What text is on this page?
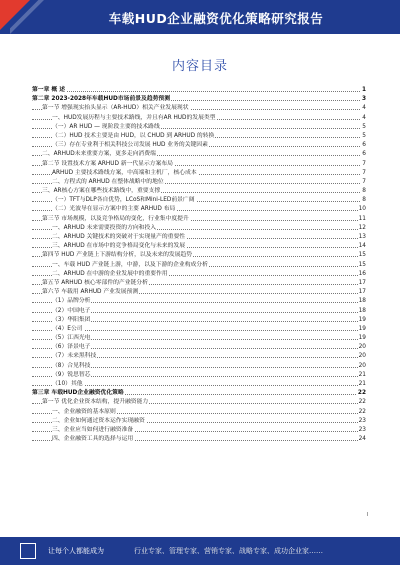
车载HUD企业融资优化策略研究报告
内容目录
第一章 概 述	1
第二章 2023-2028年车载HUD市场前景及趋势预测	3
第一节 增强现实抬头显示（AR-HUD）相关产业发展现状	4
一、HUD发展历程与主要技术路线，并且有AR HUD的发展类型	4
（一）AR HUD — 现阶段主要的技术路线	5
（二）HUD 技术主要是由 HUD，以 CHUD 到 ARHUD 的转换	5
（三）存在专业利于相关科技公司发展 HUD 业务的关键因素	6
二、ARHUD未来重要方案，更多走向消费端	6
第二节 设置技术方案 ARHUD 新一代显示方案布局	7
ARHUD 主要技术路线方案，中高端和主机厂，核心成本	7
二、方程式的 ARHUD 在整体战略中的地位	7
三、AR核心方案在哪些技术路线中，重要支撑	8
（一）TFT与DLP各自优势，LCoS和Mini-LED前景广阔	8
（二）光波导在显示方案中的主要 ARHUD 布局	10
第三节 市场规模，以及竞争格局的变化，行业集中度提升	11
一、ARHUD 未来需要投资的方向和投入	12
二、ARHUD 关键技术的突破对于实现量产的重要性	13
三、ARHUD 在市场中的竞争格局变化与未来的发展	14
第四节 HUD 产业链上下游结构分析，以及未来的发展趋势	15
一、车载 HUD 产业链上游，中游，以及下游的企业构成分析	15
二、ARHUD 在中游的企业发展中的重要作用	16
第五节 ARHUD 核心零部件的产业链分析	17
第六节 车载用 ARHUD 产业发展预测	17
（1）品牌分析	18
（2）中国电子	18
（3）华阳集团	19
（4）E公司	19
（5）江西光电	19
（6）泽景电子	20
（7）未来黑科技	20
（8）合见科技	20
（9）锐思智芯	21
（10）其他	21
第三章 车载HUD企业融资优化策略	22
第一节 优化企业资本结构，提升融资能力	22
一、企业融资的基本原则	22
二、企业如何通过资本运作实现融资	23
三、企业应当如何进行融资准备	23
四、企业融资工具的选择与运用	24
I
让每个人都能成为	行业专家、管理专家、营销专家、战略专家、成功企业家……
